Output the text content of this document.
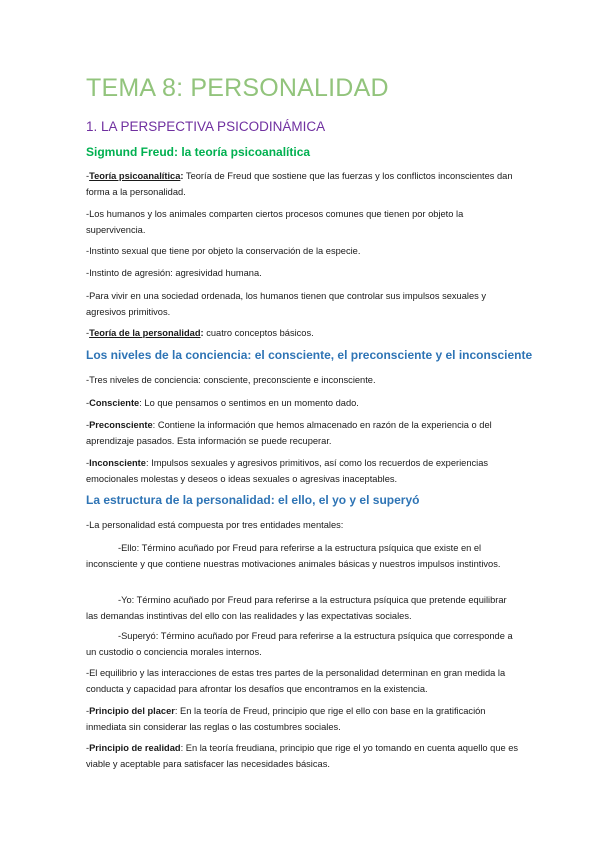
TEMA 8: PERSONALIDAD
1. LA PERSPECTIVA PSICODINÁMICA
Sigmund Freud: la teoría psicoanalítica

-Teoría psicoanalítica: Teoría de Freud que sostiene que las fuerzas y los conflictos inconscientes dan forma a la personalidad.

-Los humanos y los animales comparten ciertos procesos comunes que tienen por objeto la supervivencia.

-Instinto sexual que tiene por objeto la conservación de la especie.

-Instinto de agresión: agresividad humana.

-Para vivir en una sociedad ordenada, los humanos tienen que controlar sus impulsos sexuales y agresivos primitivos.

-Teoría de la personalidad: cuatro conceptos básicos.

Los niveles de la conciencia: el consciente, el preconsciente y el inconsciente

-Tres niveles de conciencia: consciente, preconsciente e inconsciente.

-Consciente: Lo que pensamos o sentimos en un momento dado.

-Preconsciente: Contiene la información que hemos almacenado en razón de la experiencia o del aprendizaje pasados. Esta información se puede recuperar.

-Inconsciente: Impulsos sexuales y agresivos primitivos, así como los recuerdos de experiencias emocionales molestas y deseos o ideas sexuales o agresivas inaceptables.

La estructura de la personalidad: el ello, el yo y el superyó

-La personalidad está compuesta por tres entidades mentales:

-Ello: Término acuñado por Freud para referirse a la estructura psíquica que existe en el inconsciente y que contiene nuestras motivaciones animales básicas y nuestros impulsos instintivos.

-Yo: Término acuñado por Freud para referirse a la estructura psíquica que pretende equilibrar las demandas instintivas del ello con las realidades y las expectativas sociales.

-Superyó: Término acuñado por Freud para referirse a la estructura psíquica que corresponde a un custodio o conciencia morales internos.

-El equilibrio y las interacciones de estas tres partes de la personalidad determinan en gran medida la conducta y capacidad para afrontar los desafíos que encontramos en la existencia.

-Principio del placer: En la teoría de Freud, principio que rige el ello con base en la gratificación inmediata sin considerar las reglas o las costumbres sociales.

-Principio de realidad: En la teoría freudiana, principio que rige el yo tomando en cuenta aquello que es viable y aceptable para satisfacer las necesidades básicas.
